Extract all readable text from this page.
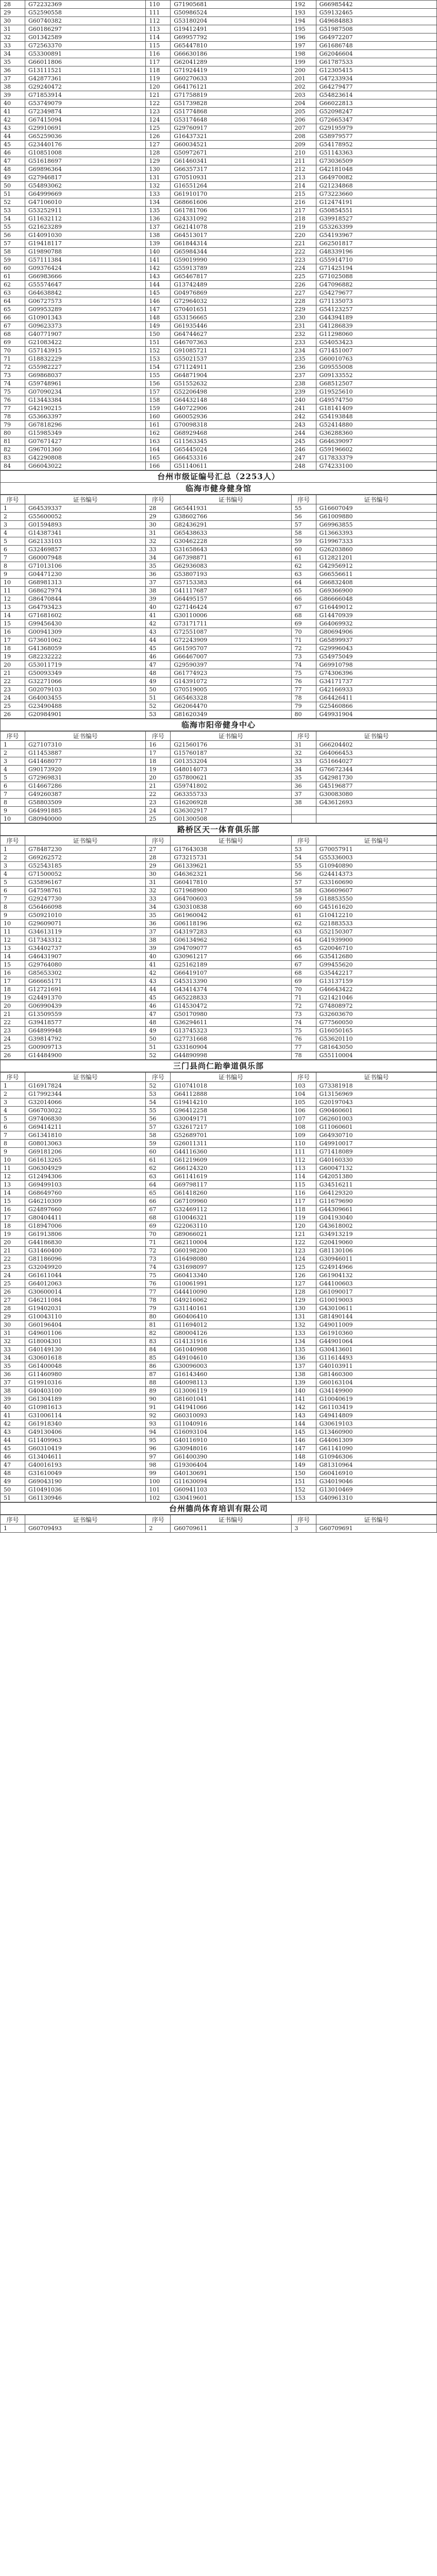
28	G72232369	110	G71905681	192	G66985442
29	G52590558	111	G50986524	193	G59132465
30	G60740382	112	G53180204	194	G49684883
31	G60186297	113	G19412491	195	G51987508
32	G01342589	114	G69957792	196	G64972207
33	G72563370	115	G65447810	197	G61686748
34	G53300891	116	G66630186	198	G62046604
35	G66011806	117	G62041289	199	G61787533
36	G13111521	118	G71924419	200	G12305415
37	G42877361	119	G60270633	201	G47233934
38	G29240472	120	G64176121	202	G64279477
39	G71853914	121	G71758819	203	G54823614
40	G53749079	122	G51739828	204	G66022813
41	G72349874	123	G51774868	205	G52098247
42	G67415094	124	G53174648	206	G72665347
43	G29910691	125	G29760917	207	G29195979
44	G65259036	126	G16437321	208	G58979577
45	G23440176	127	G60034521	209	G54178952
46	G10851008	128	G50972671	210	G51143363
47	G51618697	129	G61460341	211	G73036509
48	G69896364	130	G66357317	212	G42181048
49	G27946817	131	G70510931	213	G64970082
50	G54893062	132	G16551264	214	G21234868
51	G64999669	133	G61910170	215	G73223660
52	G47106010	134	G68661606	216	G12474191
53	G53252911	135	G61781706	217	G50854551
54	G11632112	136	G24331092	218	G39918527
55	G21623289	137	G62141078	219	G53263399
56	G14091030	138	G64513017	220	G54193967
57	G19418117	139	G61844314	221	G62501817
58	G19890788	140	G65984344	222	G48339196
59	G57111384	141	G59019990	223	G55914710
60	G09376424	142	G55913789	224	G71425194
61	G66983666	143	G65467817	225	G71025088
62	G55574647	144	G13742489	226	G47096882
63	G64638842	145	G04976869	227	G54279677
64	G06727573	146	G72964032	228	G71135073
65	G09953289	147	G70401651	229	G54123257
66	G10901343	148	G53156665	230	G44394189
67	G09623373	149	G61935446	231	G41286839
68	G40771907	150	G64744627	232	G11298060
69	G21083422	151	G46707363	233	G54053423
70	G57143915	152	G91085721	234	G71451007
71	G18832229	153	G55021537	235	G60010763
72	G55982227	154	G71124911	236	G09555008
73	G69868037	155	G64871904	237	G09133552
74	G59748961	156	G51552632	238	G68512507
75	G07090234	157	G52206498	239	G19525610
76	G13443384	158	G64432148	240	G49574750
77	G42190215	159	G40722906	241	G18141409
78	G53663397	160	G60052936	242	G54193848
79	G67818296	161	G70098318	243	G52414880
80	G15985349	162	G68929468	244	G36288360
81	G07671427	163	G11563345	245	G64639097
82	G96701360	164	G65445024	246	G59196602
83	G42290808	165	G66453316	247	G17833379
84	G66043022	166	G51140611	248	G74233100
台州市级证编号汇总（2253人）
临海市健身健身馆
序号	证书编号	序号	证书编号	序号	证书编号
1	G64539337	28	G65441931	55	G16607049
2	G55600052	29	G38602766	56	G61009880
3	G01594893	30	G82436291	57	G69963855
4	G14387341	31	G65438633	58	G13663393
5	G62133103	32	G30462228	59	G19967333
6	G32469857	33	G31658643	60	G26203860
7	G60007948	34	G67398871	61	G12821201
8	G71013106	35	G62936083	62	G42956912
9	G04471230	36	G53807193	63	G66556611
10	G68981313	37	G57153383	64	G66832408
11	G68627974	38	G41117687	65	G69366900
12	G86470844	39	G64495157	66	G86666048
13	G64793423	40	G27146424	67	G16449012
14	G71681602	41	G30110006	68	G14470939
15	G99456430	42	G73171711	69	G64069932
16	G00941309	43	G72551087	70	G80694906
17	G73601062	44	G72243909	71	G65899937
18	G41368059	45	G61595707	72	G29996043
19	G82232222	46	G66467007	73	G54975049
20	G53011719	47	G29590397	74	G69910798
21	G50093349	48	G61774923	75	G74306396
22	G32271066	49	G14391072	76	G34171737
23	G02079103	50	G70519005	77	G42166933
24	G64003455	51	G65463328	78	G64426411
25	G23490488	52	G62064470	79	G25460866
26	G20984901	53	G81620349	80	G49931904
临海市阳帝健身中心
序号	证书编号	序号	证书编号	序号	证书编号
1	G27107310	16	G21560176	31	G66204402
2	G11453887	17	G15760187	32	G64066453
3	G41468077	18	G01353204	33	G51664027
4	G90173920	19	G48014073	34	G76672344
5	G72969831	20	G57800621	35	G42981730
6	G14667286	21	G59741802	36	G45196877
7	G49260387	22	G63355733	37	G30083080
8	G58803509	23	G16206928	38	G43612693
9	G64991885	24	G36302917		
10	G80940000	25	G01300508		
路桥区天一体育俱乐部
序号	证书编号	序号	证书编号	序号	证书编号
1	G78487230	27	G17643038	53	G70057911
2	G69262572	28	G73215731	54	G55336003
3	G52543185	29	G61339621	55	G10940890
4	G71500052	30	G46362321	56	G24414373
5	G35896167	31	G60417810	57	G33160690
6	G47598761	32	G71968900	58	G36609607
7	G29247730	33	G64700603	59	G18853550
8	G56466098	34	G30310838	60	G45161620
9	G50921010	35	G61960042	61	G10412210
10	G29609071	36	G06118196	62	G21883533
11	G34613119	37	G43197283	63	G52150307
12	G17343312	38	G06134962	64	G41939900
13	G34402737	39	G94709077	65	G20046710
14	G46431907	40	G30961217	66	G35412680
15	G29764080	41	G25162189	67	G99455620
16	G85653302	42	G66419107	68	G35442217
17	G66665171	43	G45313390	69	G13137159
18	G12721691	44	G43414374	70	G46643422
19	G24491370	45	G65228833	71	G21421046
20	G06990439	46	G14530472	72	G74808972
21	G13509559	47	G50170980	73	G32603670
22	G39418577	48	G36294611	74	G77560050
23	G64899948	49	G13745323	75	G16050165
24	G39814792	50	G27731668	76	G53620110
25	G00909713	51	G33160904	77	G81643050
26	G14484900	52	G44890998	78	G55110004
三门县尚仁跆拳道俱乐部
序号	证书编号	序号	证书编号	序号	证书编号
1	G16917824	52	G10741018	103	G73381918
2	G17992344	53	G64112888	104	G13156969
3	G32014066	54	G19414210	105	G20197043
4	G66703022	55	G96412258	106	G90460601
5	G97406830	56	G30049171	107	G62601003
6	G69414211	57	G32617217	108	G11060601
7	G61341810	58	G52689701	109	G64930710
8	G08013063	59	G26011311	110	G49910017
9	G69181206	60	G44116360	111	G71418089
10	G61613265	61	G61219609	112	G40160330
11	G06304929	62	G66124320	113	G60047132
12	G12494306	63	G61141619	114	G42051380
13	G69499103	64	G69798117	115	G34516211
14	G68649760	65	G61418260	116	G64129320
15	G46210309	66	G67109960	117	G11679690
16	G24897660	67	G32469112	118	G44309661
17	G80404411	68	G10046321	119	G04193040
18	G18947006	69	G22063110	120	G43618002
19	G61913806	70	G89066021	121	G34913219
20	G44186830	71	G62110004	122	G20419060
21	G31460400	72	G60198200	123	G81130106
22	G81186096	73	G16498080	124	G30946011
23	G32049920	74	G31698097	125	G24914966
24	G61611044	75	G60413340	126	G61904132
25	G64012063	76	G10061991	127	G44100603
26	G30600014	77	G44410090	128	G61090017
27	G46211084	78	G49216062	129	G10019003
28	G19402031	79	G31140161	130	G43010611
29	G10043110	80	G60406410	131	G81490144
30	G60196404	81	G11694012	132	G49011009
31	G49601106	82	G80004126	133	G61910360
32	G18004301	83	G14131916	134	G44901064
33	G40149130	84	G61040908	135	G30413601
34	G30601618	85	G49104610	136	G11614493
35	G61400048	86	G30096003	137	G40103911
36	G11460980	87	G16143460	138	G81460300
37	G19910316	88	G40098113	139	G60163104
38	G40403100	89	G13006119	140	G34149900
39	G61304189	90	G81601041	141	G10040619
40	G10981613	91	G41941066	142	G61103419
41	G31006114	92	G60310093	143	G49414809
42	G61918340	93	G11040916	144	G30619103
43	G49130406	94	G16093104	145	G13460900
44	G11409963	95	G40116910	146	G44061309
45	G60310419	96	G30948016	147	G61141090
46	G13404611	97	G61400390	148	G10946306
47	G40016193	98	G19306404	149	G81310964
48	G31610049	99	G40130691	150	G60416910
49	G69043190	100	G11630094	151	G34019046
50	G10491036	101	G60941103	152	G13010469
51	G61130946	102	G30419601	153	G40961310
台州德尚体育培训有限公司
序号	证书编号	序号	证书编号	序号	证书编号
1	G60709493	2	G60709611	3	G60709691
